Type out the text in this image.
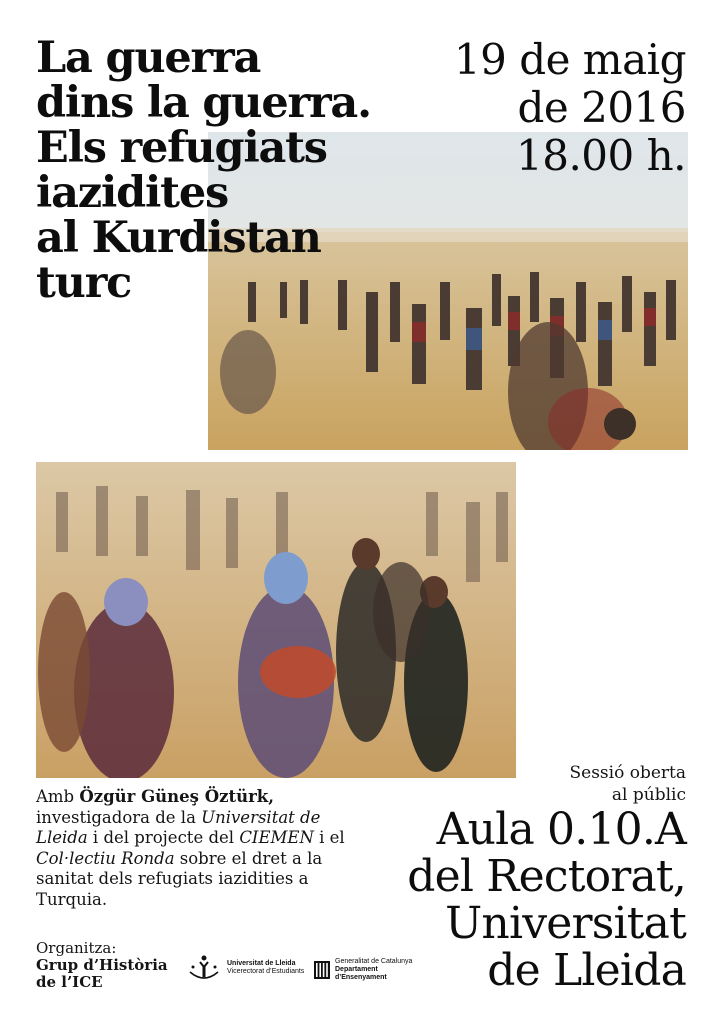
La guerra
dins la guerra.
Els refugiats
iazidites
al Kurdistan
turc
19 de maig
de 2016
18.00 h.
Amb Özgür Güneş Öztürk,
investigadora de la Universitat de Lleida i del projecte del CIEMEN i el Col·lectiu Ronda sobre el dret a la sanitat dels refugiats iazidities a Turquia.
Sessió oberta
al públic
Aula 0.10.A
del Rectorat,
Universitat
de Lleida
Organitza:
Grup d’Història de l’ICE
Universitat de Lleida
Vicerectorat d’Estudiants
Generalitat de Catalunya
Departament
d’Ensenyament
